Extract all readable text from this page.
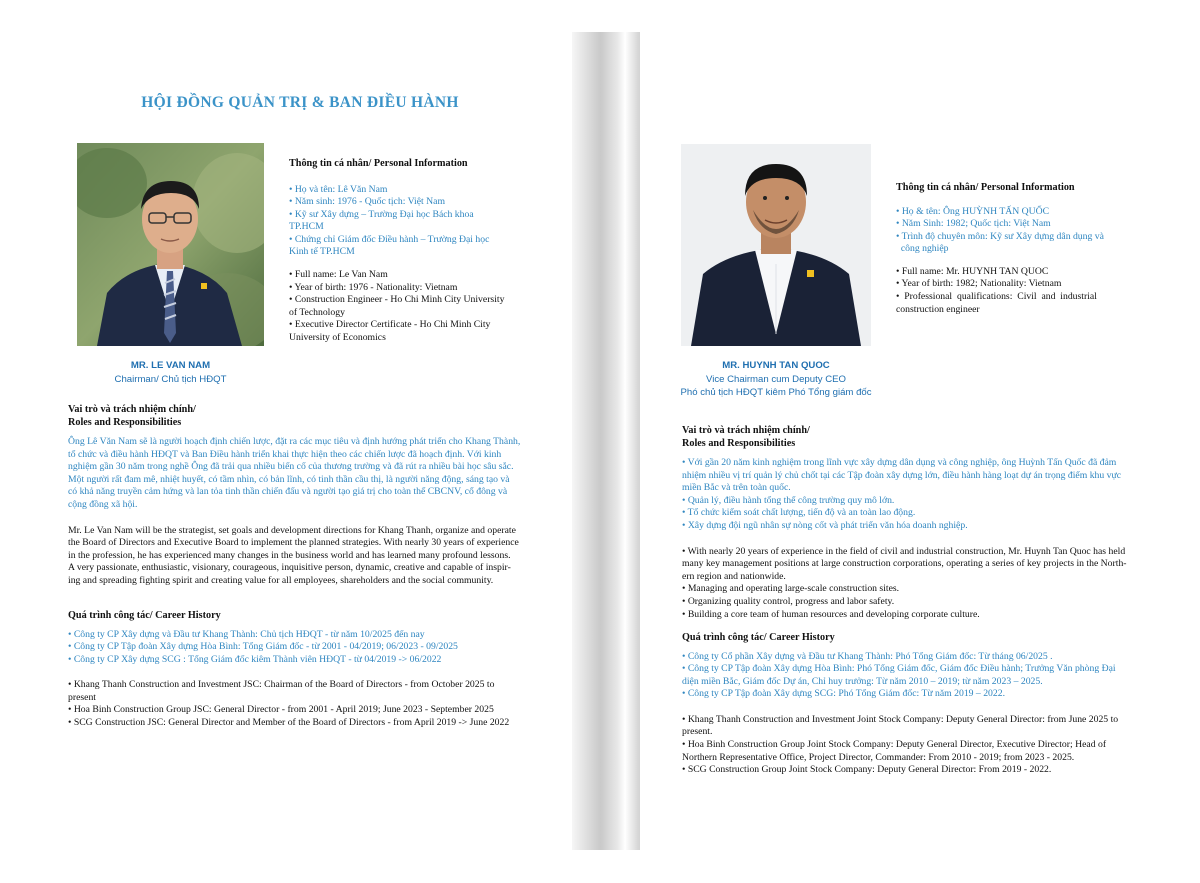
HỘI ĐỒNG QUẢN TRỊ & BAN ĐIỀU HÀNH
MR. LE VAN NAM
Chairman/ Chủ tịch HĐQT
Thông tin cá nhân/ Personal Information
• Họ và tên: Lê Văn Nam
• Năm sinh: 1976 - Quốc tịch: Việt Nam
• Kỹ sư Xây dựng – Trường Đại học Bách khoa
TP.HCM
• Chứng chỉ Giám đốc Điều hành – Trường Đại học
Kinh tế TP.HCM
• Full name: Le Van Nam
• Year of birth: 1976 - Nationality: Vietnam
• Construction Engineer - Ho Chi Minh City University
of Technology
• Executive Director Certificate - Ho Chi Minh City
University of Economics
Vai trò và trách nhiệm chính/
Roles and Responsibilities
Ông Lê Văn Nam sẽ là người hoạch định chiến lược, đặt ra các mục tiêu và định hướng phát triển cho Khang Thành,
tổ chức và điều hành HĐQT và Ban Điều hành triển khai thực hiện theo các chiến lược đã hoạch định. Với kinh
nghiệm gần 30 năm trong nghề Ông đã trải qua nhiều biến cố của thương trường và đã rút ra nhiều bài học sâu sắc.
Một người rất đam mê, nhiệt huyết, có tầm nhìn, có bản lĩnh, có tinh thần cầu thị, là người năng động, sáng tạo và
có khả năng truyền cảm hứng và lan tỏa tinh thần chiến đấu và người tạo giá trị cho toàn thể CBCNV, cổ đông và
cộng đồng xã hội.
Mr. Le Van Nam will be the strategist, set goals and development directions for Khang Thanh, organize and operate
the Board of Directors and Executive Board to implement the planned strategies. With nearly 30 years of experience
in the profession, he has experienced many changes in the business world and has learned many profound lessons.
A very passionate, enthusiastic, visionary, courageous, inquisitive person, dynamic, creative and capable of inspir-
ing and spreading fighting spirit and creating value for all employees, shareholders and the social community.
Quá trình công tác/ Career History
• Công ty CP Xây dựng và Đầu tư Khang Thành: Chủ tịch HĐQT - từ năm 10/2025 đến nay
• Công ty CP Tập đoàn Xây dựng Hòa Bình: Tổng Giám đốc - từ 2001 - 04/2019; 06/2023 - 09/2025
• Công ty CP Xây dựng SCG : Tổng Giám đốc kiêm Thành viên HĐQT - từ 04/2019 -> 06/2022
• Khang Thanh Construction and Investment JSC: Chairman of the Board of Directors - from October 2025 to
present
• Hoa Binh Construction Group JSC: General Director - from 2001 - April 2019; June 2023 - September 2025
• SCG Construction JSC: General Director and Member of the Board of Directors - from April 2019 -> June 2022
MR. HUYNH TAN QUOC
Vice Chairman cum Deputy CEO
Phó chủ tịch HĐQT kiêm Phó Tổng giám đốc
Thông tin cá nhân/ Personal Information
• Họ & tên: Ông HUỲNH TẤN QUỐC
• Năm Sinh: 1982; Quốc tịch: Việt Nam
• Trình độ chuyên môn: Kỹ sư Xây dựng dân dụng và
công nghiệp
• Full name: Mr. HUYNH TAN QUOC
• Year of birth: 1982; Nationality: Vietnam
•  Professional  qualifications:  Civil  and  industrial
construction engineer
Vai trò và trách nhiệm chính/
Roles and Responsibilities
• Với gần 20 năm kinh nghiệm trong lĩnh vực xây dựng dân dụng và công nghiệp, ông Huỳnh Tấn Quốc đã đảm
nhiệm nhiều vị trí quản lý chủ chốt tại các Tập đoàn xây dựng lớn, điều hành hàng loạt dự án trọng điểm khu vực
miền Bắc và trên toàn quốc.
• Quản lý, điều hành tổng thể công trường quy mô lớn.
• Tổ chức kiểm soát chất lượng, tiến độ và an toàn lao động.
• Xây dựng đội ngũ nhân sự nòng cốt và phát triển văn hóa doanh nghiệp.
• With nearly 20 years of experience in the field of civil and industrial construction, Mr. Huynh Tan Quoc has held
many key management positions at large construction corporations, operating a series of key projects in the North-
ern region and nationwide.
• Managing and operating large-scale construction sites.
• Organizing quality control, progress and labor safety.
• Building a core team of human resources and developing corporate culture.
Quá trình công tác/ Career History
• Công ty Cổ phần Xây dựng và Đầu tư Khang Thành: Phó Tổng Giám đốc: Từ tháng 06/2025 .
• Công ty CP Tập đoàn Xây dựng Hòa Bình: Phó Tổng Giám đốc, Giám đốc Điều hành; Trưởng Văn phòng Đại
diện miền Bắc, Giám đốc Dự án, Chỉ huy trưởng: Từ năm 2010 – 2019; từ năm 2023 – 2025.
• Công ty CP Tập đoàn Xây dựng SCG: Phó Tổng Giám đốc: Từ năm 2019 – 2022.
• Khang Thanh Construction and Investment Joint Stock Company: Deputy General Director: from June 2025 to
present.
• Hoa Binh Construction Group Joint Stock Company: Deputy General Director, Executive Director; Head of
Northern Representative Office, Project Director, Commander: From 2010 - 2019; from 2023 - 2025.
• SCG Construction Group Joint Stock Company: Deputy General Director: From 2019 - 2022.
